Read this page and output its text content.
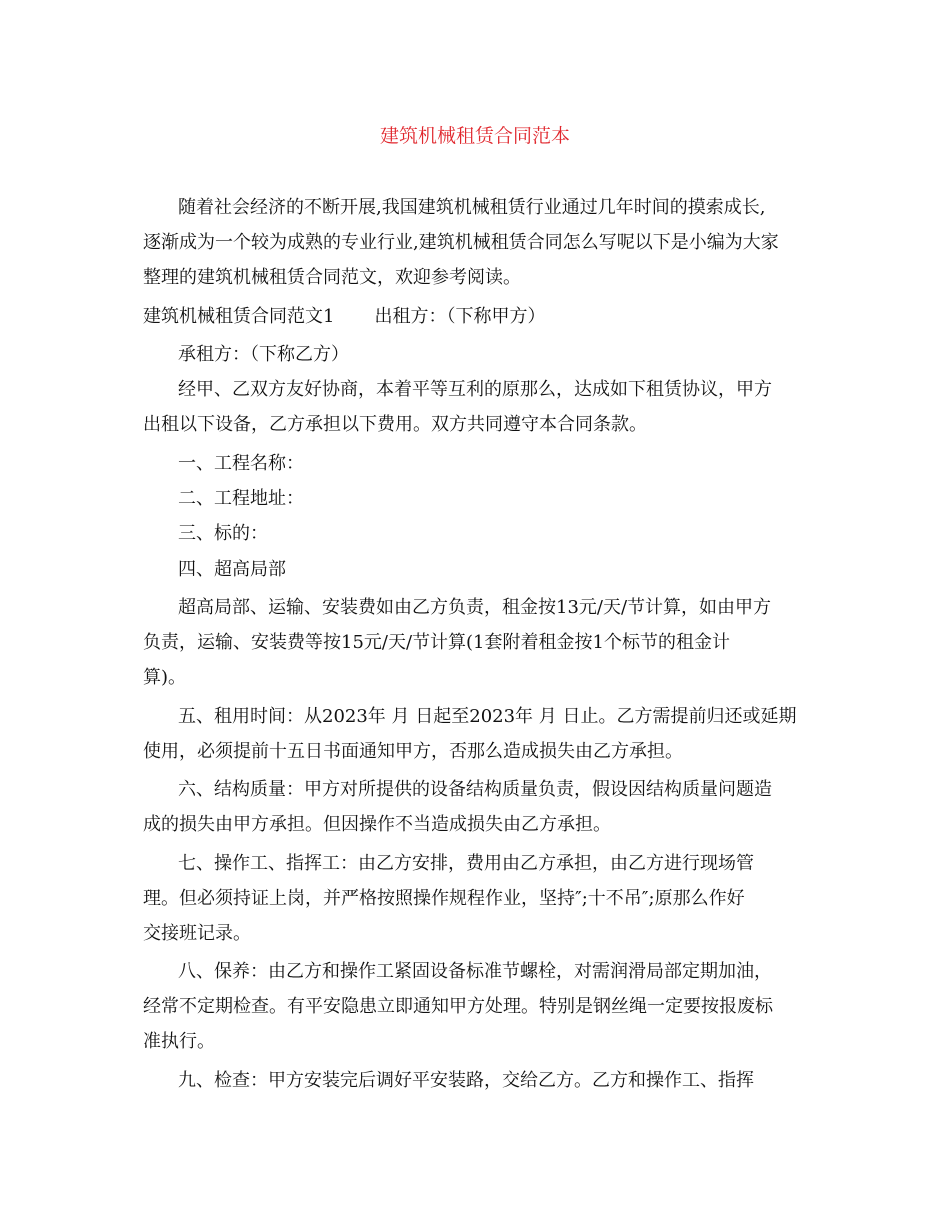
建筑机械租赁合同范本
随着社会经济的不断开展,我国建筑机械租赁行业通过几年时间的摸索成长,
逐渐成为一个较为成熟的专业行业,建筑机械租赁合同怎么写呢以下是小编为大家
整理的建筑机械租赁合同范文，欢迎参考阅读。
建筑机械租赁合同范文1 出租方：（下称甲方）
承租方：（下称乙方）
经甲、乙双方友好协商，本着平等互利的原那么，达成如下租赁协议，甲方
出租以下设备，乙方承担以下费用。双方共同遵守本合同条款。
一、工程名称：
二、工程地址：
三、标的：
四、超高局部
超高局部、运输、安装费如由乙方负责，租金按13元/天/节计算，如由甲方
负责，运输、安装费等按15元/天/节计算(1套附着租金按1个标节的租金计
算)。
五、租用时间：从2023年 月 日起至2023年 月 日止。乙方需提前归还或延期
使用，必须提前十五日书面通知甲方，否那么造成损失由乙方承担。
六、结构质量：甲方对所提供的设备结构质量负责，假设因结构质量问题造
成的损失由甲方承担。但因操作不当造成损失由乙方承担。
七、操作工、指挥工：由乙方安排，费用由乙方承担，由乙方进行现场管
理。但必须持证上岗，并严格按照操作规程作业，坚持″;十不吊″;原那么作好
交接班记录。
八、保养：由乙方和操作工紧固设备标准节螺栓，对需润滑局部定期加油，
经常不定期检查。有平安隐患立即通知甲方处理。特别是钢丝绳一定要按报废标
准执行。
九、检查：甲方安装完后调好平安装路，交给乙方。乙方和操作工、指挥
